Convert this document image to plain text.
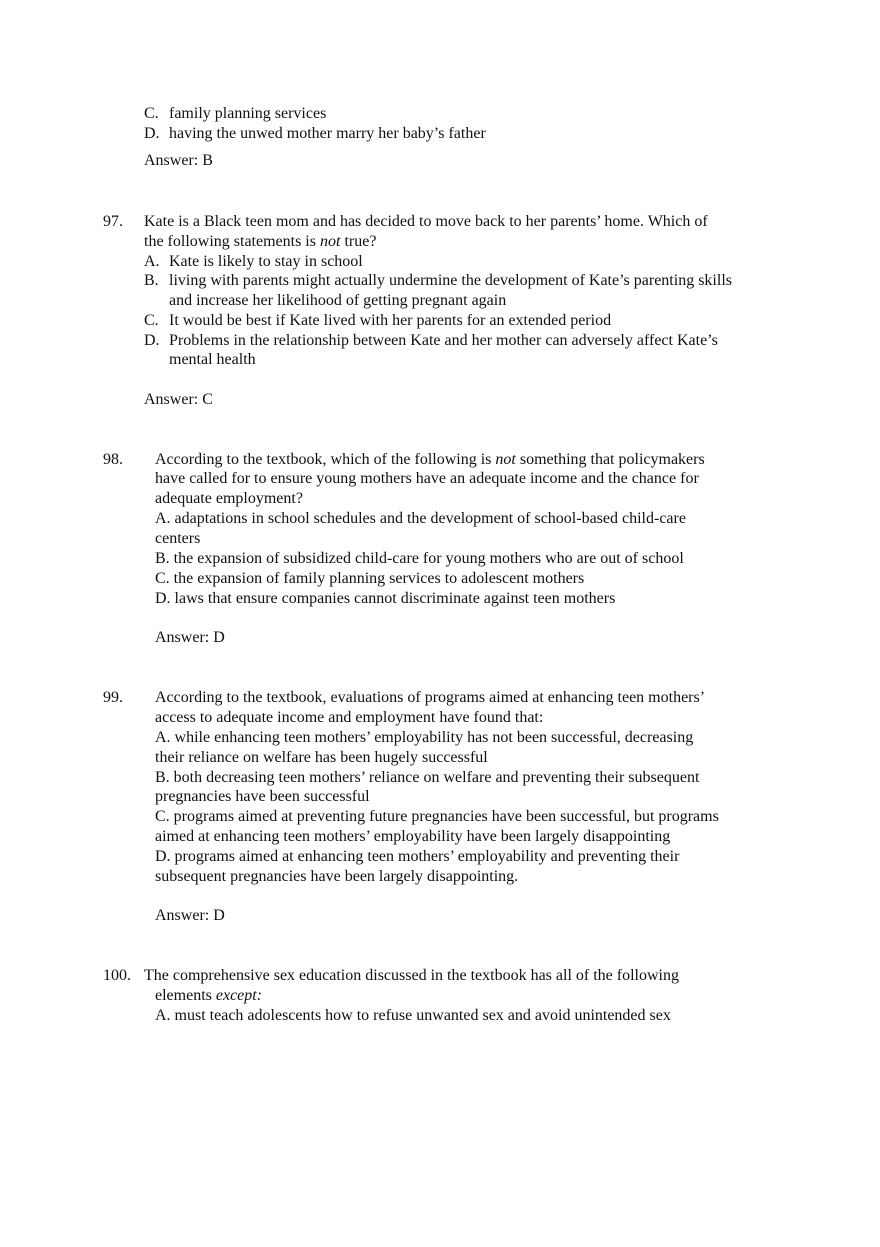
C. family planning services
D. having the unwed mother marry her baby’s father
Answer: B
97. Kate is a Black teen mom and has decided to move back to her parents’ home. Which of
the following statements is not true?
A. Kate is likely to stay in school
B. living with parents might actually undermine the development of Kate’s parenting skills
and increase her likelihood of getting pregnant again
C. It would be best if Kate lived with her parents for an extended period
D. Problems in the relationship between Kate and her mother can adversely affect Kate’s
mental health
Answer: C
98. According to the textbook, which of the following is not something that policymakers
have called for to ensure young mothers have an adequate income and the chance for
adequate employment?
A. adaptations in school schedules and the development of school-based child-care
centers
B. the expansion of subsidized child-care for young mothers who are out of school
C. the expansion of family planning services to adolescent mothers
D. laws that ensure companies cannot discriminate against teen mothers
Answer: D
99. According to the textbook, evaluations of programs aimed at enhancing teen mothers’
access to adequate income and employment have found that:
A. while enhancing teen mothers’ employability has not been successful, decreasing
their reliance on welfare has been hugely successful
B. both decreasing teen mothers’ reliance on welfare and preventing their subsequent
pregnancies have been successful
C. programs aimed at preventing future pregnancies have been successful, but programs
aimed at enhancing teen mothers’ employability have been largely disappointing
D. programs aimed at enhancing teen mothers’ employability and preventing their
subsequent pregnancies have been largely disappointing.
Answer: D
100. The comprehensive sex education discussed in the textbook has all of the following
elements except:
A. must teach adolescents how to refuse unwanted sex and avoid unintended sex
